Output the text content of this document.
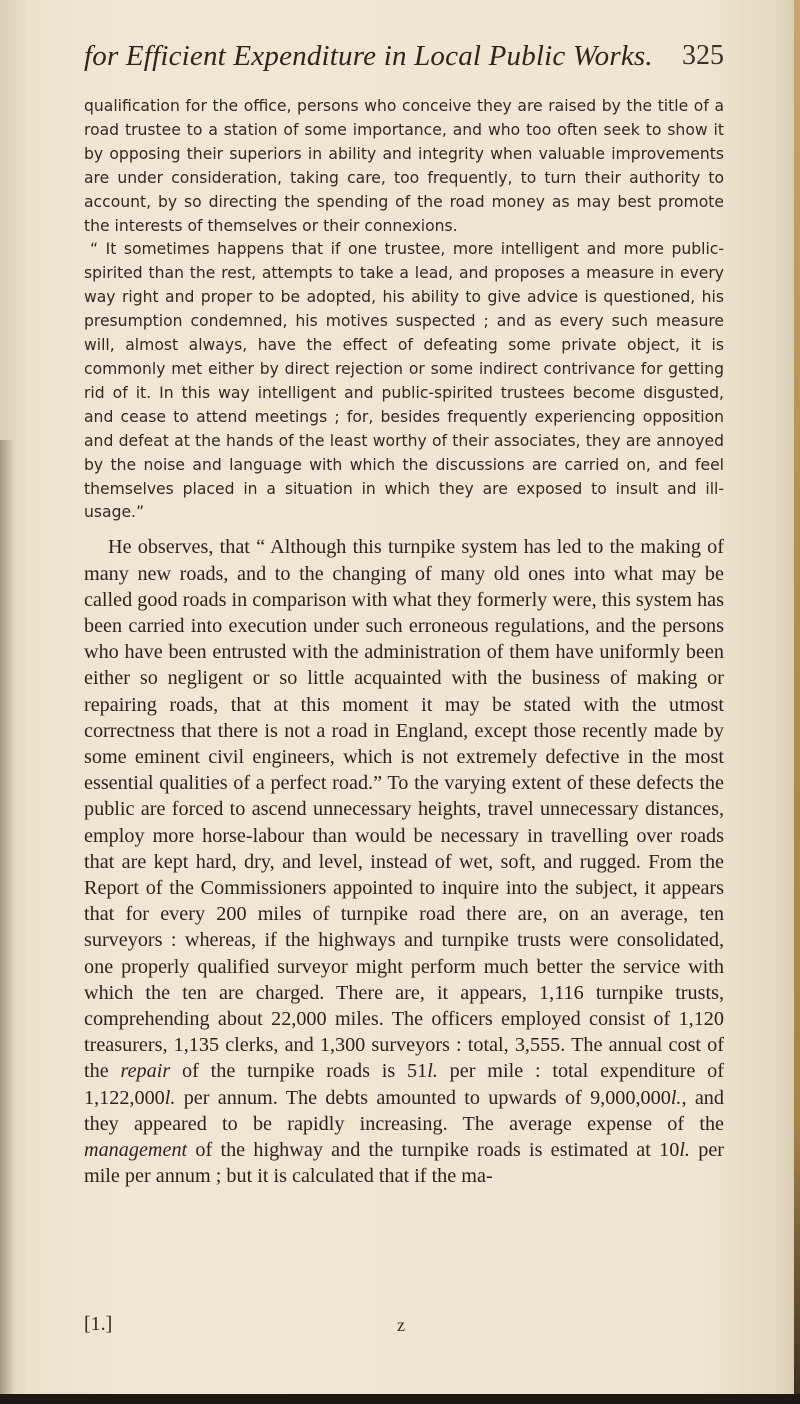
for Efficient Expenditure in Local Public Works. 325

qualification for the office, persons who conceive they are raised by the title of a road trustee to a station of some importance, and who too often seek to show it by opposing their superiors in ability and integrity when valuable improvements are under consideration, taking care, too frequently, to turn their authority to account, by so directing the spending of the road money as may best promote the interests of themselves or their connexions.

“ It sometimes happens that if one trustee, more intelligent and more public-spirited than the rest, attempts to take a lead, and proposes a measure in every way right and proper to be adopted, his ability to give advice is questioned, his presumption condemned, his motives suspected ; and as every such measure will, almost always, have the effect of defeating some private object, it is commonly met either by direct rejection or some indirect contrivance for getting rid of it. In this way intelligent and public-spirited trustees become disgusted, and cease to attend meetings ; for, besides frequently experiencing opposition and defeat at the hands of the least worthy of their associates, they are annoyed by the noise and language with which the discussions are carried on, and feel themselves placed in a situation in which they are exposed to insult and ill-usage.”

He observes, that “ Although this turnpike system has led to the making of many new roads, and to the changing of many old ones into what may be called good roads in comparison with what they formerly were, this system has been carried into execution under such erroneous regulations, and the persons who have been entrusted with the administration of them have uniformly been either so negligent or so little acquainted with the business of making or repairing roads, that at this moment it may be stated with the utmost correctness that there is not a road in England, except those recently made by some eminent civil engineers, which is not extremely defective in the most essential qualities of a perfect road.” To the varying extent of these defects the public are forced to ascend unnecessary heights, travel unnecessary distances, employ more horse-labour than would be necessary in travelling over roads that are kept hard, dry, and level, instead of wet, soft, and rugged. From the Report of the Commissioners appointed to inquire into the subject, it appears that for every 200 miles of turnpike road there are, on an average, ten surveyors : whereas, if the highways and turnpike trusts were consolidated, one properly qualified surveyor might perform much better the service with which the ten are charged. There are, it appears, 1,116 turnpike trusts, comprehending about 22,000 miles. The officers employed consist of 1,120 treasurers, 1,135 clerks, and 1,300 surveyors : total, 3,555. The annual cost of the repair of the turnpike roads is 51l. per mile : total expenditure of 1,122,000l. per annum. The debts amounted to upwards of 9,000,000l., and they appeared to be rapidly increasing. The average expense of the management of the highway and the turnpike roads is estimated at 10l. per mile per annum ; but it is calculated that if the ma-

[1.]	z
